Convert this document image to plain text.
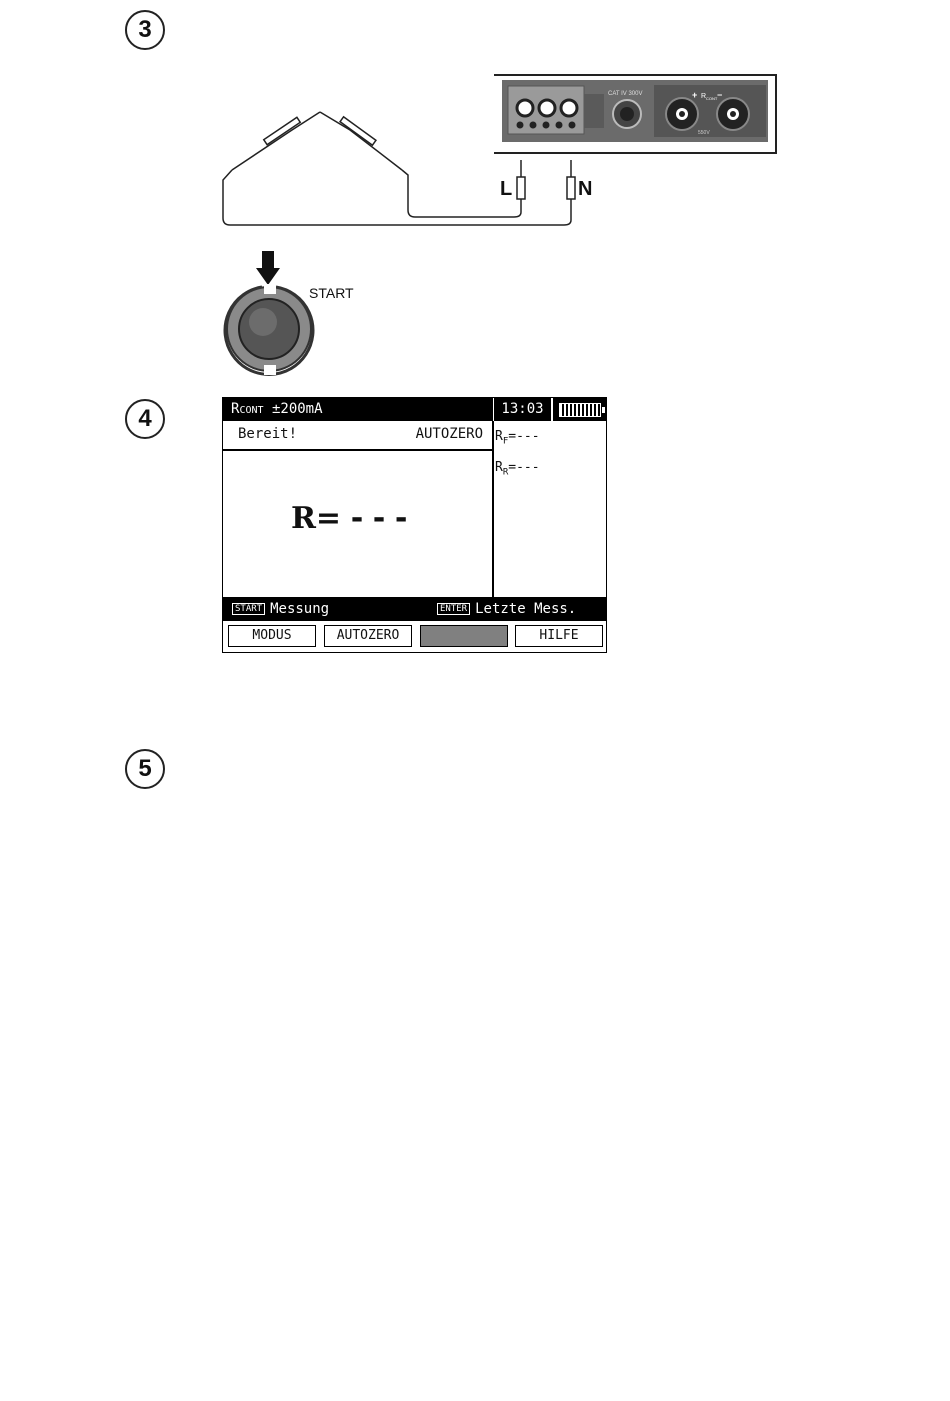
3
4
5
CAT IV 300V	+ R CONT −
550V
L	N
START
RCONT ±200mA	13:03
Bereit!	AUTOZERO
R= ---
$R_F=---$
$R_R=---$
START Messung	ENTER Letzte Mess.
MODUS	AUTOZERO	HILFE
